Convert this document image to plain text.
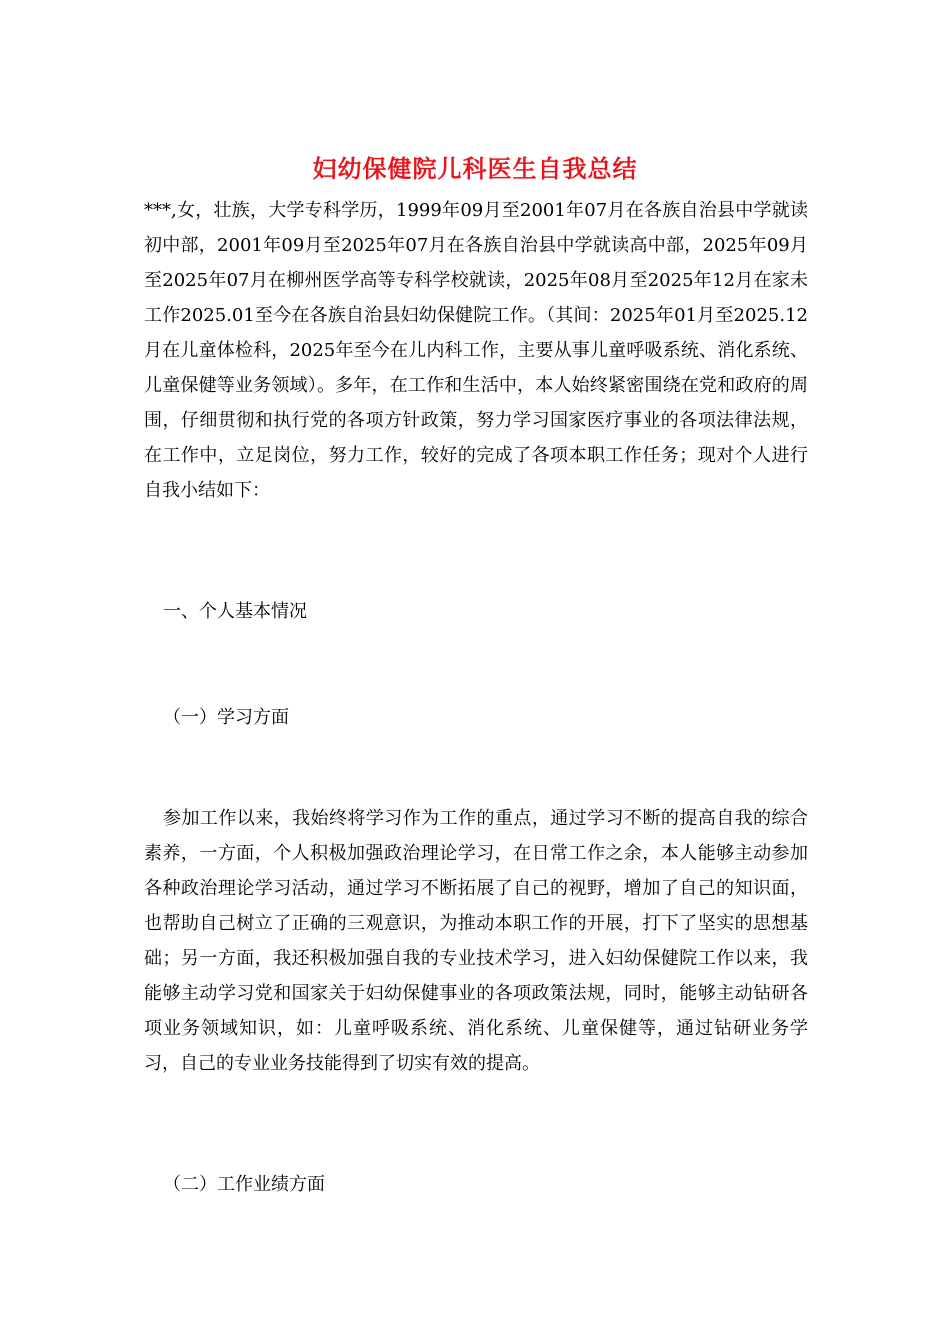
妇幼保健院儿科医生自我总结

***,女，壮族，大学专科学历，1999年09月至2001年07月在各族自治县中学就读初中部，2001年09月至2025年07月在各族自治县中学就读高中部，2025年09月至2025年07月在柳州医学高等专科学校就读，2025年08月至2025年12月在家未工作2025.01至今在各族自治县妇幼保健院工作。（其间：2025年01月至2025.12月在儿童体检科，2025年至今在儿内科工作，主要从事儿童呼吸系统、消化系统、儿童保健等业务领域）。多年，在工作和生活中，本人始终紧密围绕在党和政府的周围，仔细贯彻和执行党的各项方针政策，努力学习国家医疗事业的各项法律法规，在工作中，立足岗位，努力工作，较好的完成了各项本职工作任务；现对个人进行自我小结如下：

一、个人基本情况

（一）学习方面

参加工作以来，我始终将学习作为工作的重点，通过学习不断的提高自我的综合素养，一方面，个人积极加强政治理论学习，在日常工作之余，本人能够主动参加各种政治理论学习活动，通过学习不断拓展了自己的视野，增加了自己的知识面，也帮助自己树立了正确的三观意识，为推动本职工作的开展，打下了坚实的思想基础；另一方面，我还积极加强自我的专业技术学习，进入妇幼保健院工作以来，我能够主动学习党和国家关于妇幼保健事业的各项政策法规，同时，能够主动钻研各项业务领域知识，如：儿童呼吸系统、消化系统、儿童保健等，通过钻研业务学习，自己的专业业务技能得到了切实有效的提高。

（二）工作业绩方面
